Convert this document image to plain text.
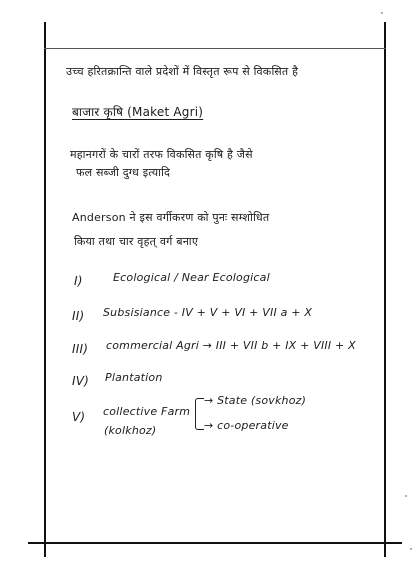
उच्च हरितक्रान्ति वाले प्रदेशों में विस्तृत रूप से विकसित है
बाजार कृषि (Maket Agri)
महानगरों के चारों तरफ विकसित कृषि है जैसे
फल सब्जी दुग्ध इत्यादि
Anderson ने इस वर्गीकरण को पुनः सम्शोधित
किया तथा चार वृहत् वर्ग बनाए
I)	Ecological / Near Ecological
II) Subsisiance - IV + V + VI + VII a + X
III) commercial Agri → III + VII b + IX + VIII + X
IV) Plantation
V) collective Farm
(kolkhoz)
→ State (sovkhoz)
→ co-operative
